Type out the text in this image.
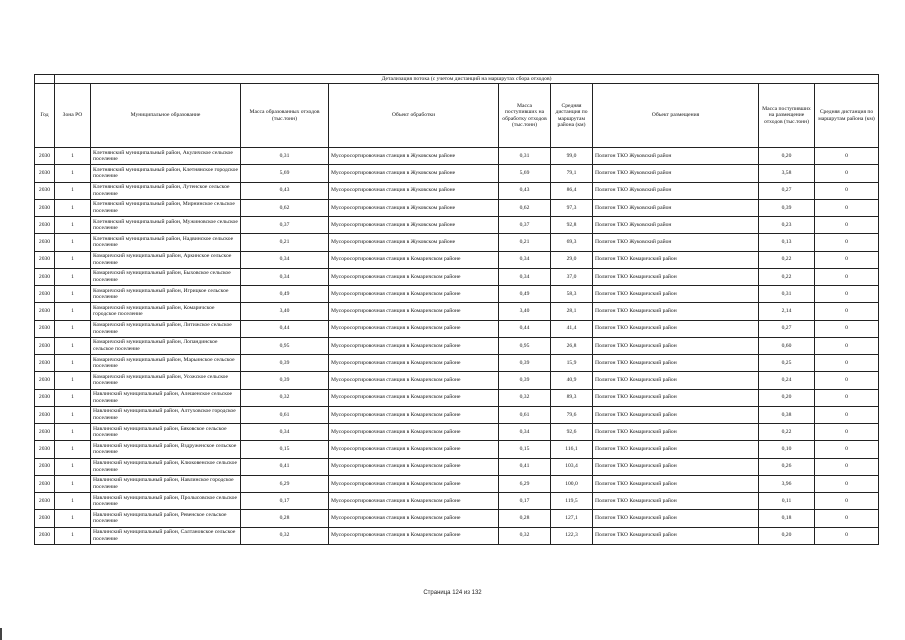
	Детализация потока (с учетом дистанций на маршрутах сбора отходов)								
Год	Зона РО	Муниципальное образование	Масса образованных отходов (тыс.тонн)	Объект обработки	Масса поступивших на обработку отходов (тыс.тонн)	Средняя дистанция по маршрутам района (км)	Объект размещения	Масса поступивших на размещение отходов (тыс.тонн)	Средняя дистанция по маршрутам района (км)
2030	1	Клетнянский муниципальный район, Акуличское сельское поселение	0,31	Мусоросортировочная станция в Жуковском районе	0,31	99,0	Полигон ТКО Жуковский район	0,20	0
2030	1	Клетнянский муниципальный район, Клетнянское городское поселение	5,69	Мусоросортировочная станция в Жуковском районе	5,69	79,1	Полигон ТКО Жуковский район	3,58	0
2030	1	Клетнянский муниципальный район, Лутенское сельское поселение	0,43	Мусоросортировочная станция в Жуковском районе	0,43	86,4	Полигон ТКО Жуковский район	0,27	0
2030	1	Клетнянский муниципальный район, Мирнинское сельское поселение	0,62	Мусоросортировочная станция в Жуковском районе	0,62	97,3	Полигон ТКО Жуковский район	0,39	0
2030	1	Клетнянский муниципальный район, Мужиновское сельское поселение	0,37	Мусоросортировочная станция в Жуковском районе	0,37	92,8	Полигон ТКО Жуковский район	0,23	0
2030	1	Клетнянский муниципальный район, Надвинское сельское поселение	0,21	Мусоросортировочная станция в Жуковском районе	0,21	69,3	Полигон ТКО Жуковский район	0,13	0
2030	1	Комаричский муниципальный район, Аркинское сельское поселение	0,34	Мусоросортировочная станция в Комаричском районе	0,34	29,0	Полигон ТКО Комаричский район	0,22	0
2030	1	Комаричский муниципальный район, Быховское сельское поселение	0,34	Мусоросортировочная станция в Комаричском районе	0,34	37,0	Полигон ТКО Комаричский район	0,22	0
2030	1	Комаричский муниципальный район, Игрицкое сельское поселение	0,49	Мусоросортировочная станция в Комаричском районе	0,49	58,3	Полигон ТКО Комаричский район	0,31	0
2030	1	Комаричский муниципальный район, Комаричское городское поселение	3,40	Мусоросортировочная станция в Комаричском районе	3,40	28,1	Полигон ТКО Комаричский район	2,14	0
2030	1	Комаричский муниципальный район, Литижское сельское поселение	0,44	Мусоросортировочная станция в Комаричском районе	0,44	41,4	Полигон ТКО Комаричский район	0,27	0
2030	1	Комаричский муниципальный район, Лопандинское сельское поселение	0,95	Мусоросортировочная станция в Комаричском районе	0,95	26,8	Полигон ТКО Комаричский район	0,60	0
2030	1	Комаричский муниципальный район, Марьинское сельское поселение	0,39	Мусоросортировочная станция в Комаричском районе	0,39	15,9	Полигон ТКО Комаричский район	0,25	0
2030	1	Комаричский муниципальный район, Усожское сельское поселение	0,39	Мусоросортировочная станция в Комаричском районе	0,39	40,9	Полигон ТКО Комаричский район	0,24	0
2030	1	Навлинский муниципальный район, Алешенское сельское поселение	0,32	Мусоросортировочная станция в Комаричском районе	0,32	89,3	Полигон ТКО Комаричский район	0,20	0
2030	1	Навлинский муниципальный район, Алтуховское городское поселение	0,61	Мусоросортировочная станция в Комаричском районе	0,61	79,6	Полигон ТКО Комаричский район	0,38	0
2030	1	Навлинский муниципальный район, Бяковское сельское поселение	0,34	Мусоросортировочная станция в Комаричском районе	0,34	92,6	Полигон ТКО Комаричский район	0,22	0
2030	1	Навлинский муниципальный район, Вздруженское сельское поселение	0,15	Мусоросортировочная станция в Комаричском районе	0,15	116,1	Полигон ТКО Комаричский район	0,10	0
2030	1	Навлинский муниципальный район, Клюковенское сельское поселение	0,41	Мусоросортировочная станция в Комаричском районе	0,41	103,4	Полигон ТКО Комаричский район	0,26	0
2030	1	Навлинский муниципальный район, Навлинское городское поселение	6,29	Мусоросортировочная станция в Комаричском районе	6,29	100,0	Полигон ТКО Комаричский район	3,96	0
2030	1	Навлинский муниципальный район, Пролысовское сельское поселение	0,17	Мусоросортировочная станция в Комаричском районе	0,17	119,5	Полигон ТКО Комаричский район	0,11	0
2030	1	Навлинский муниципальный район, Ревенское сельское поселение	0,28	Мусоросортировочная станция в Комаричском районе	0,28	127,1	Полигон ТКО Комаричский район	0,18	0
2030	1	Навлинский муниципальный район, Салтановское сельское поселение	0,32	Мусоросортировочная станция в Комаричском районе	0,32	122,3	Полигон ТКО Комаричский район	0,20	0
Страница 124 из 132
